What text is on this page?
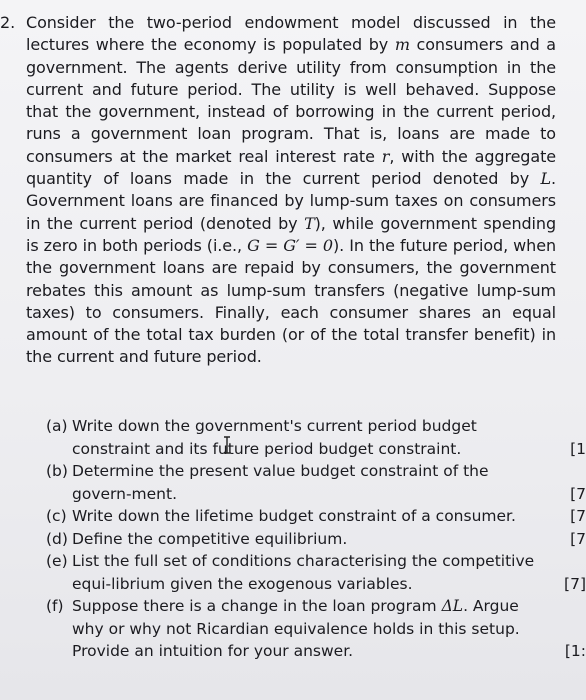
2. Consider the two-period endowment model discussed in the lectures where the economy is populated by m consumers and a government. The agents derive utility from consumption in the current and future period. The utility is well behaved. Suppose that the government, instead of borrowing in the current period, runs a government loan program. That is, loans are made to consumers at the market real interest rate r, with the aggregate quantity of loans made in the current period denoted by L. Government loans are financed by lump-sum taxes on consumers in the current period (denoted by T), while government spending is zero in both periods (i.e., G = G′ = 0). In the future period, when the government loans are repaid by consumers, the government rebates this amount as lump-sum transfers (negative lump-sum taxes) to consumers. Finally, each consumer shares an equal amount of the total tax burden (or of the total transfer benefit) in the current and future period.

(a) Write down the government's current period budget constraint and its future period budget constraint.	[1
(b) Determine the present value budget constraint of the govern-ment.	[7
(c) Write down the lifetime budget constraint of a consumer.	[7
(d) Define the competitive equilibrium.	[7
(e) List the full set of conditions characterising the competitive equi-librium given the exogenous variables.	[7]
(f) Suppose there is a change in the loan program ΔL. Argue why or why not Ricardian equivalence holds in this setup. Provide an intuition for your answer.	[1:
